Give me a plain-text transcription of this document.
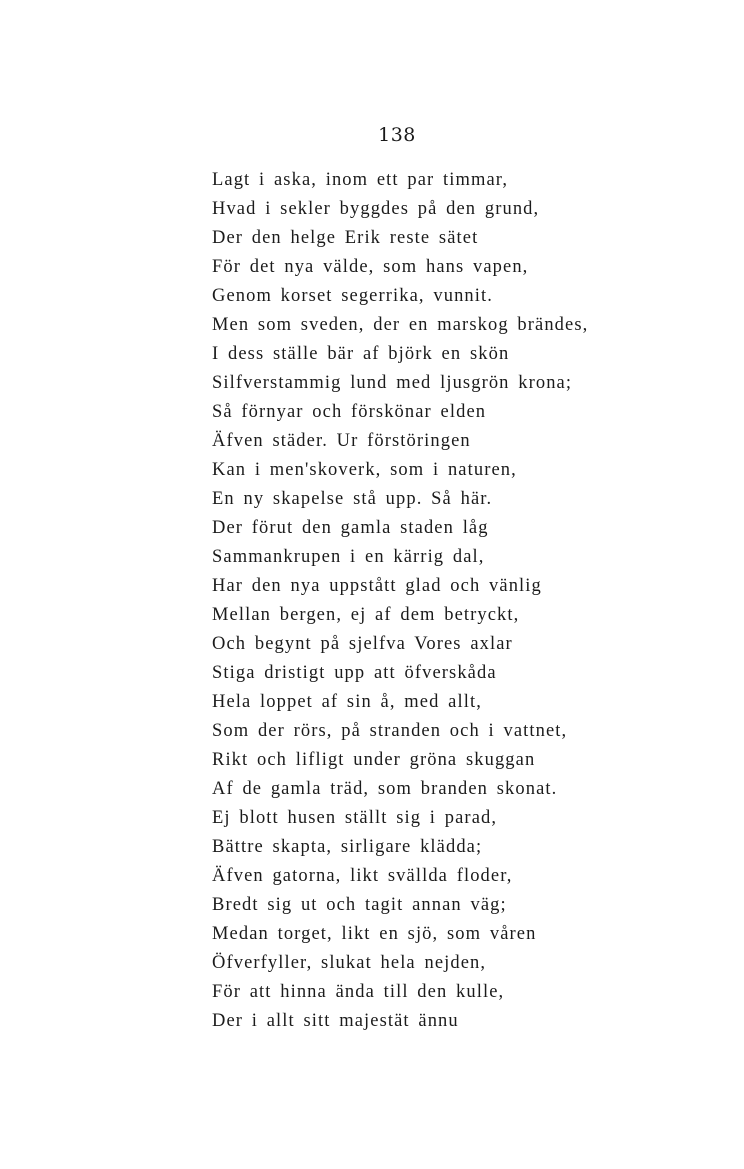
138
Lagt i aska, inom ett par timmar,
Hvad i sekler byggdes på den grund,
Der den helge Erik reste sätet
För det nya välde, som hans vapen,
Genom korset segerrika, vunnit.
Men som sveden, der en marskog brändes,
I dess ställe bär af björk en skön
Silfverstammig lund med ljusgrön krona;
Så förnyar och förskönar elden
Äfven städer. Ur förstöringen
Kan i men'skoverk, som i naturen,
En ny skapelse stå upp. Så här.
Der förut den gamla staden låg
Sammankrupen i en kärrig dal,
Har den nya uppstått glad och vänlig
Mellan bergen, ej af dem betryckt,
Och begynt på sjelfva Vores axlar
Stiga dristigt upp att öfverskåda
Hela loppet af sin å, med allt,
Som der rörs, på stranden och i vattnet,
Rikt och lifligt under gröna skuggan
Af de gamla träd, som branden skonat.
Ej blott husen ställt sig i parad,
Bättre skapta, sirligare klädda;
Äfven gatorna, likt svällda floder,
Bredt sig ut och tagit annan väg;
Medan torget, likt en sjö, som våren
Öfverfyller, slukat hela nejden,
För att hinna ända till den kulle,
Der i allt sitt majestät ännu
